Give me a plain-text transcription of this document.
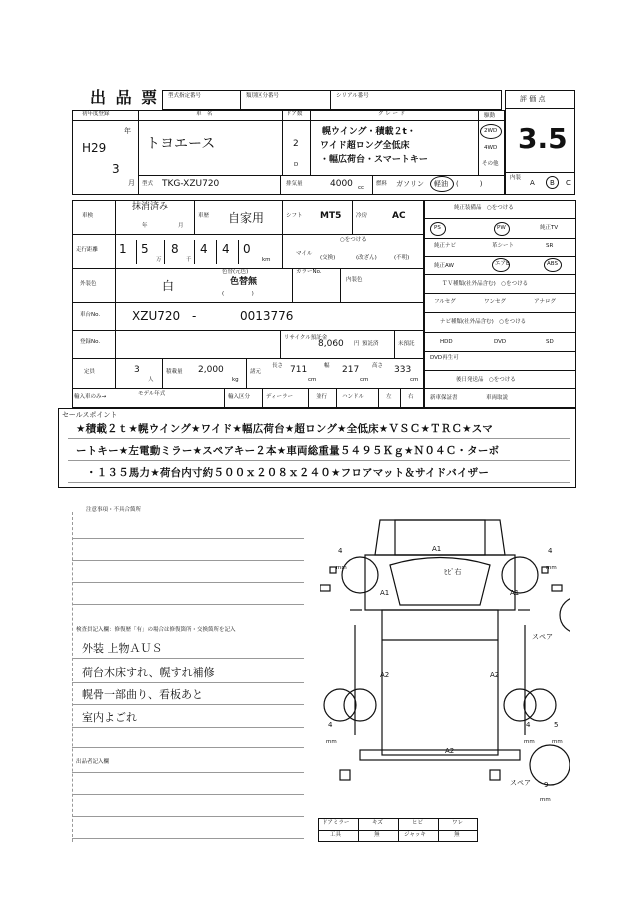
出 品 票 型式指定番号	類別区分番号	シリアル番号	評 価 点
3.5
内装
A B C
初年度登録
H29
年
3
月
車　名
トヨエース
ドア数
2
D
グ レ ー ド
幌ウイング・積載２t・
ワイド超ロング全低床
・幅広荷台・スマートキー
駆動
2WD
4WD
その他
型式 TKG-XZU720	排気量	4000 cc
燃料 ガソリン 軽油 (　　　)
車検
抹消済み
年	月
車歴 自家用	シフト MT5	冷房	AC
走行距離 1 5
万
8
千
4 4 0
km
マイル
○をつける
(交換)	(改ざん)	(不明)
外装色	白
色替(元色)
色替無
(　　　　　)
カラーNo.
内装色
車台No.	XZU720 -	0013776
登録No.
リサイクル預託金
8,060 円 預託済	未預託
定員	3
人
積載量 2,000
kg
諸元
長さ 711
cm
幅 217
cm
高さ 333
cm
輸入車のみ→	モデル年式	輸入区分	ディーラー	並行	ハンドル	左	右
純正装備品　○をつける
PS	PW	純正TV
純正ナビ	革シート	SR
純正AW	エアB	ABS
ＴＶ種類(社外品含む)　○をつける
フルセグ	ワンセグ	アナログ
ナビ種類(社外品含む)　○をつける
HDD	DVD	SD
DVD再生可
後日発送品　○をつける
新車保証書	車両取説
セールスポイント
★積載２ｔ★幌ウイング★ワイド★幅広荷台★超ロング★全低床★ＶＳＣ★ＴＲＣ★スマ
ートキー★左電動ミラー★スペアキー２本★車両総重量５４９５Ｋｇ★Ｎ０４Ｃ・ターボ
・１３５馬力★荷台内寸約５００ｘ２０８ｘ２４０★フロアマット＆サイドバイザー
注意事項・不具合箇所
検査員記入欄：修復歴「有」の場合は修復箇所・交換箇所を記入
外装 上物ＡＵＳ
荷台木床すれ、幌すれ補修
幌骨一部曲り、看板あと
室内よごれ
出品者記入欄
A1
A1	A1
ﾋﾋﾞ右
A2	A2
A2
スペア
スペア
4
mm
4
mm
4
mm
4
mm
5
mm
9
mm
ドアミラー	キズ	ヒビ	ワレ
工具	無	ジャッキ	無
